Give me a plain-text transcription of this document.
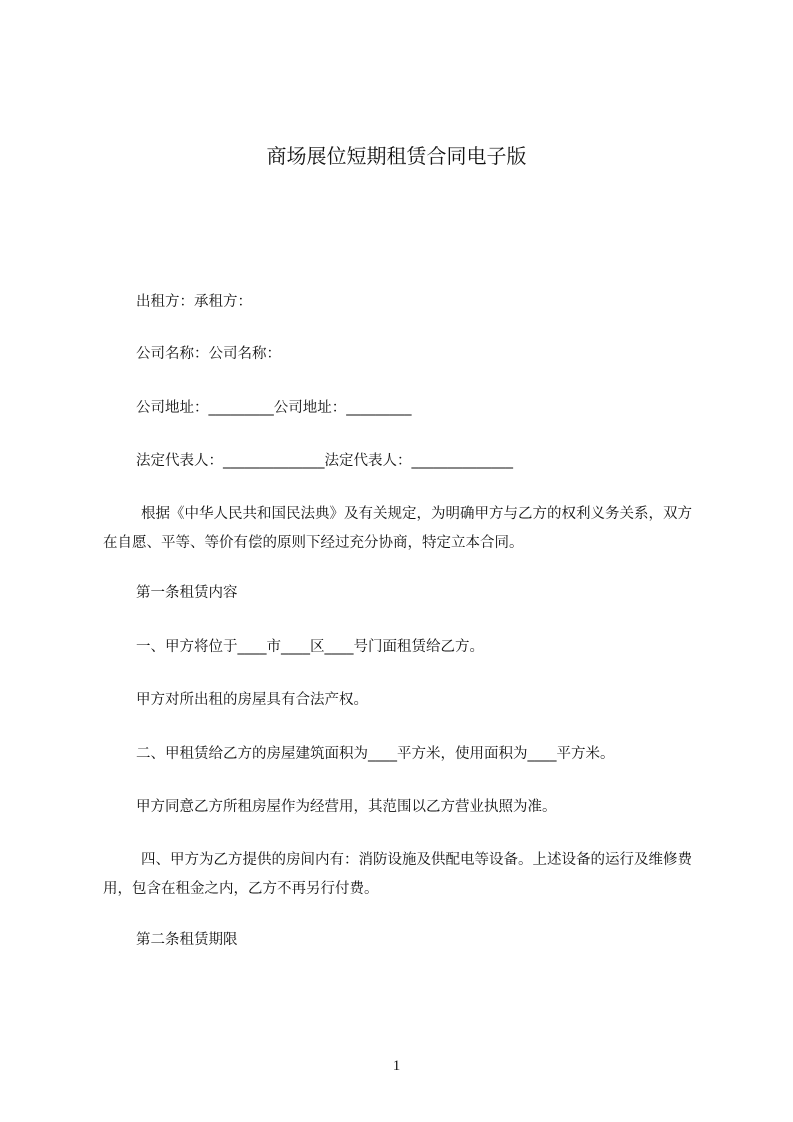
商场展位短期租赁合同电子版
出租方：承租方：
公司名称：公司名称：
公司地址：_________公司地址：_________
法定代表人：______________法定代表人：______________
根据《中华人民共和国民法典》及有关规定，为明确甲方与乙方的权利义务关系，双方在自愿、平等、等价有偿的原则下经过充分协商，特定立本合同。
第一条租赁内容
一、甲方将位于____市____区____号门面租赁给乙方。
甲方对所出租的房屋具有合法产权。
二、甲租赁给乙方的房屋建筑面积为____平方米，使用面积为____平方米。
甲方同意乙方所租房屋作为经营用，其范围以乙方营业执照为准。
四、甲方为乙方提供的房间内有：消防设施及供配电等设备。上述设备的运行及维修费用，包含在租金之内，乙方不再另行付费。
第二条租赁期限
1
